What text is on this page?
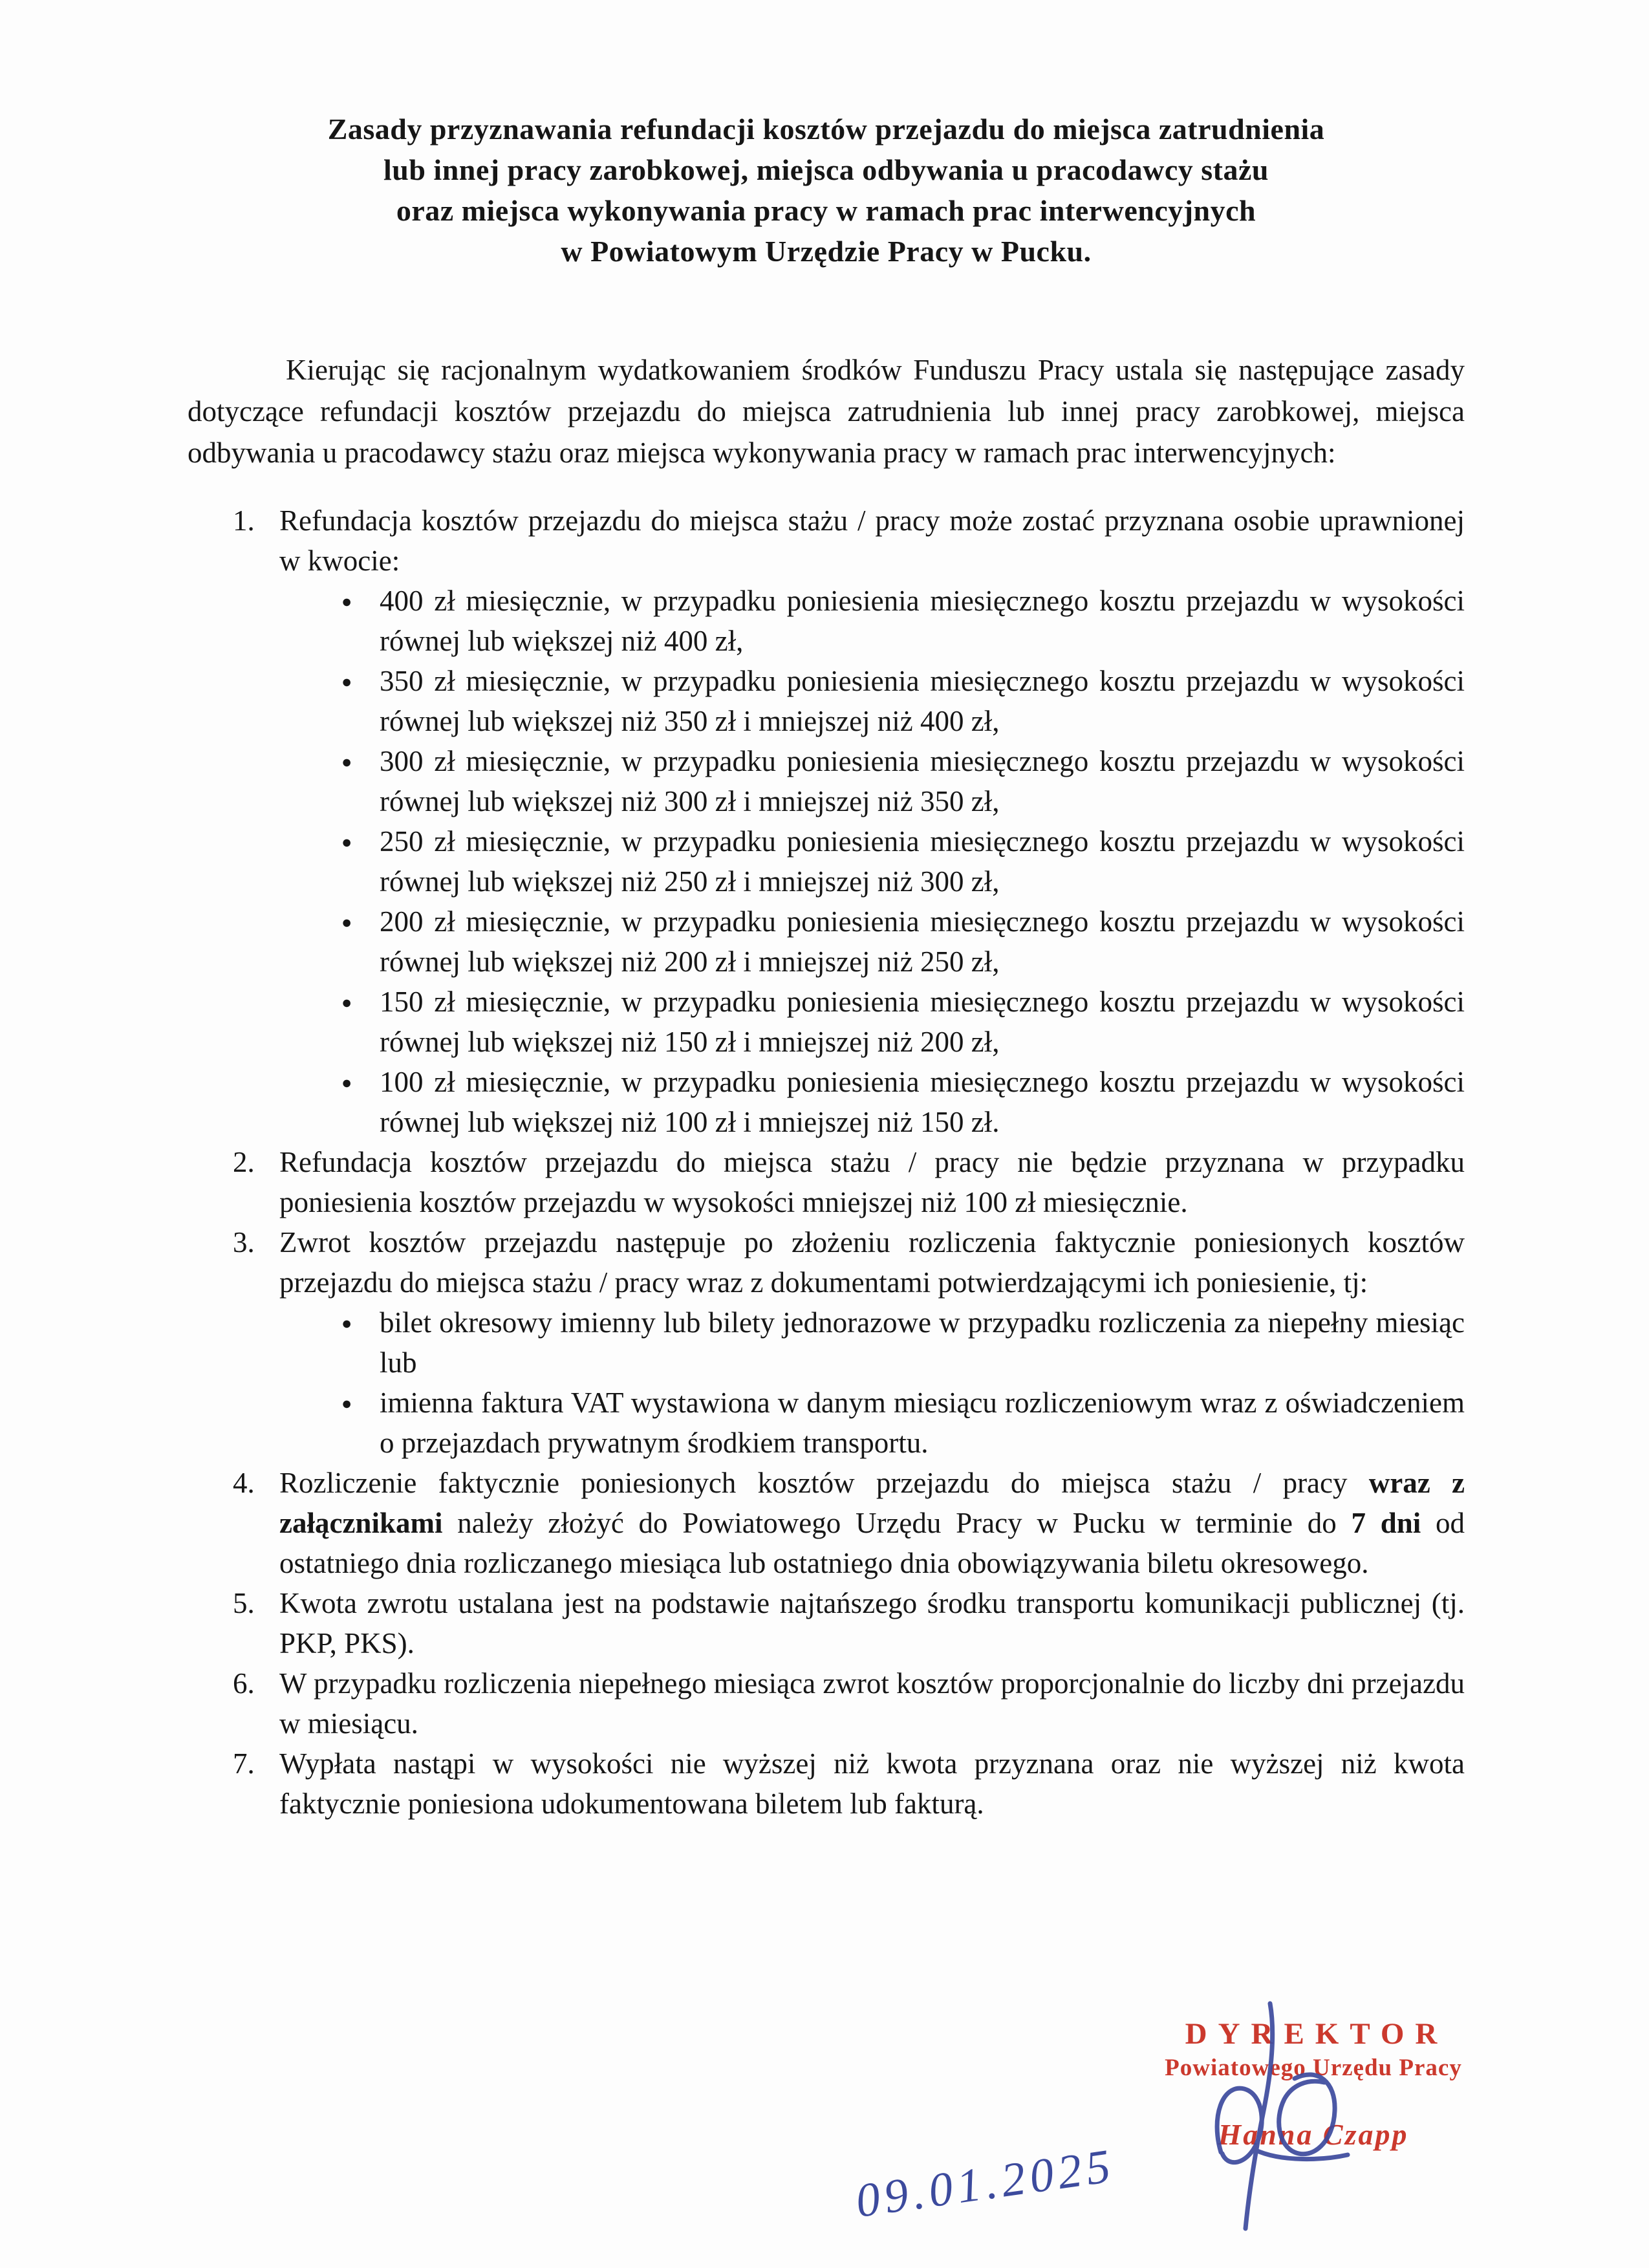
Zasady przyznawania refundacji kosztów przejazdu do miejsca zatrudnienia
lub innej pracy zarobkowej, miejsca odbywania u pracodawcy stażu
oraz miejsca wykonywania pracy w ramach prac interwencyjnych
w Powiatowym Urzędzie Pracy w Pucku.

Kierując się racjonalnym wydatkowaniem środków Funduszu Pracy ustala się następujące zasady dotyczące refundacji kosztów przejazdu do miejsca zatrudnienia lub innej pracy zarobkowej, miejsca odbywania u pracodawcy stażu oraz miejsca wykonywania pracy w ramach prac interwencyjnych:

1. Refundacja kosztów przejazdu do miejsca stażu / pracy może zostać przyznana osobie uprawnionej w kwocie:
● 400 zł miesięcznie, w przypadku poniesienia miesięcznego kosztu przejazdu w wysokości równej lub większej niż 400 zł,
● 350 zł miesięcznie, w przypadku poniesienia miesięcznego kosztu przejazdu w wysokości równej lub większej niż 350 zł i mniejszej niż 400 zł,
● 300 zł miesięcznie, w przypadku poniesienia miesięcznego kosztu przejazdu w wysokości równej lub większej niż 300 zł i mniejszej niż 350 zł,
● 250 zł miesięcznie, w przypadku poniesienia miesięcznego kosztu przejazdu w wysokości równej lub większej niż 250 zł i mniejszej niż 300 zł,
● 200 zł miesięcznie, w przypadku poniesienia miesięcznego kosztu przejazdu w wysokości równej lub większej niż 200 zł i mniejszej niż 250 zł,
● 150 zł miesięcznie, w przypadku poniesienia miesięcznego kosztu przejazdu w wysokości równej lub większej niż 150 zł i mniejszej niż 200 zł,
● 100 zł miesięcznie, w przypadku poniesienia miesięcznego kosztu przejazdu w wysokości równej lub większej niż 100 zł i mniejszej niż 150 zł.
2. Refundacja kosztów przejazdu do miejsca stażu / pracy nie będzie przyznana w przypadku poniesienia kosztów przejazdu w wysokości mniejszej niż 100 zł miesięcznie.
3. Zwrot kosztów przejazdu następuje po złożeniu rozliczenia faktycznie poniesionych kosztów przejazdu do miejsca stażu / pracy wraz z dokumentami potwierdzającymi ich poniesienie, tj:
● bilet okresowy imienny lub bilety jednorazowe w przypadku rozliczenia za niepełny miesiąc lub
● imienna faktura VAT wystawiona w danym miesiącu rozliczeniowym wraz z oświadczeniem o przejazdach prywatnym środkiem transportu.
4. Rozliczenie faktycznie poniesionych kosztów przejazdu do miejsca stażu / pracy wraz z załącznikami należy złożyć do Powiatowego Urzędu Pracy w Pucku w terminie do 7 dni od ostatniego dnia rozliczanego miesiąca lub ostatniego dnia obowiązywania biletu okresowego.
5. Kwota zwrotu ustalana jest na podstawie najtańszego środku transportu komunikacji publicznej (tj. PKP, PKS).
6. W przypadku rozliczenia niepełnego miesiąca zwrot kosztów proporcjonalnie do liczby dni przejazdu w miesiącu.
7. Wypłata nastąpi w wysokości nie wyższej niż kwota przyznana oraz nie wyższej niż kwota faktycznie poniesiona udokumentowana biletem lub fakturą.
DYREKTOR
Powiatowego Urzędu Pracy
Hanna Czapp
09.01.2025
